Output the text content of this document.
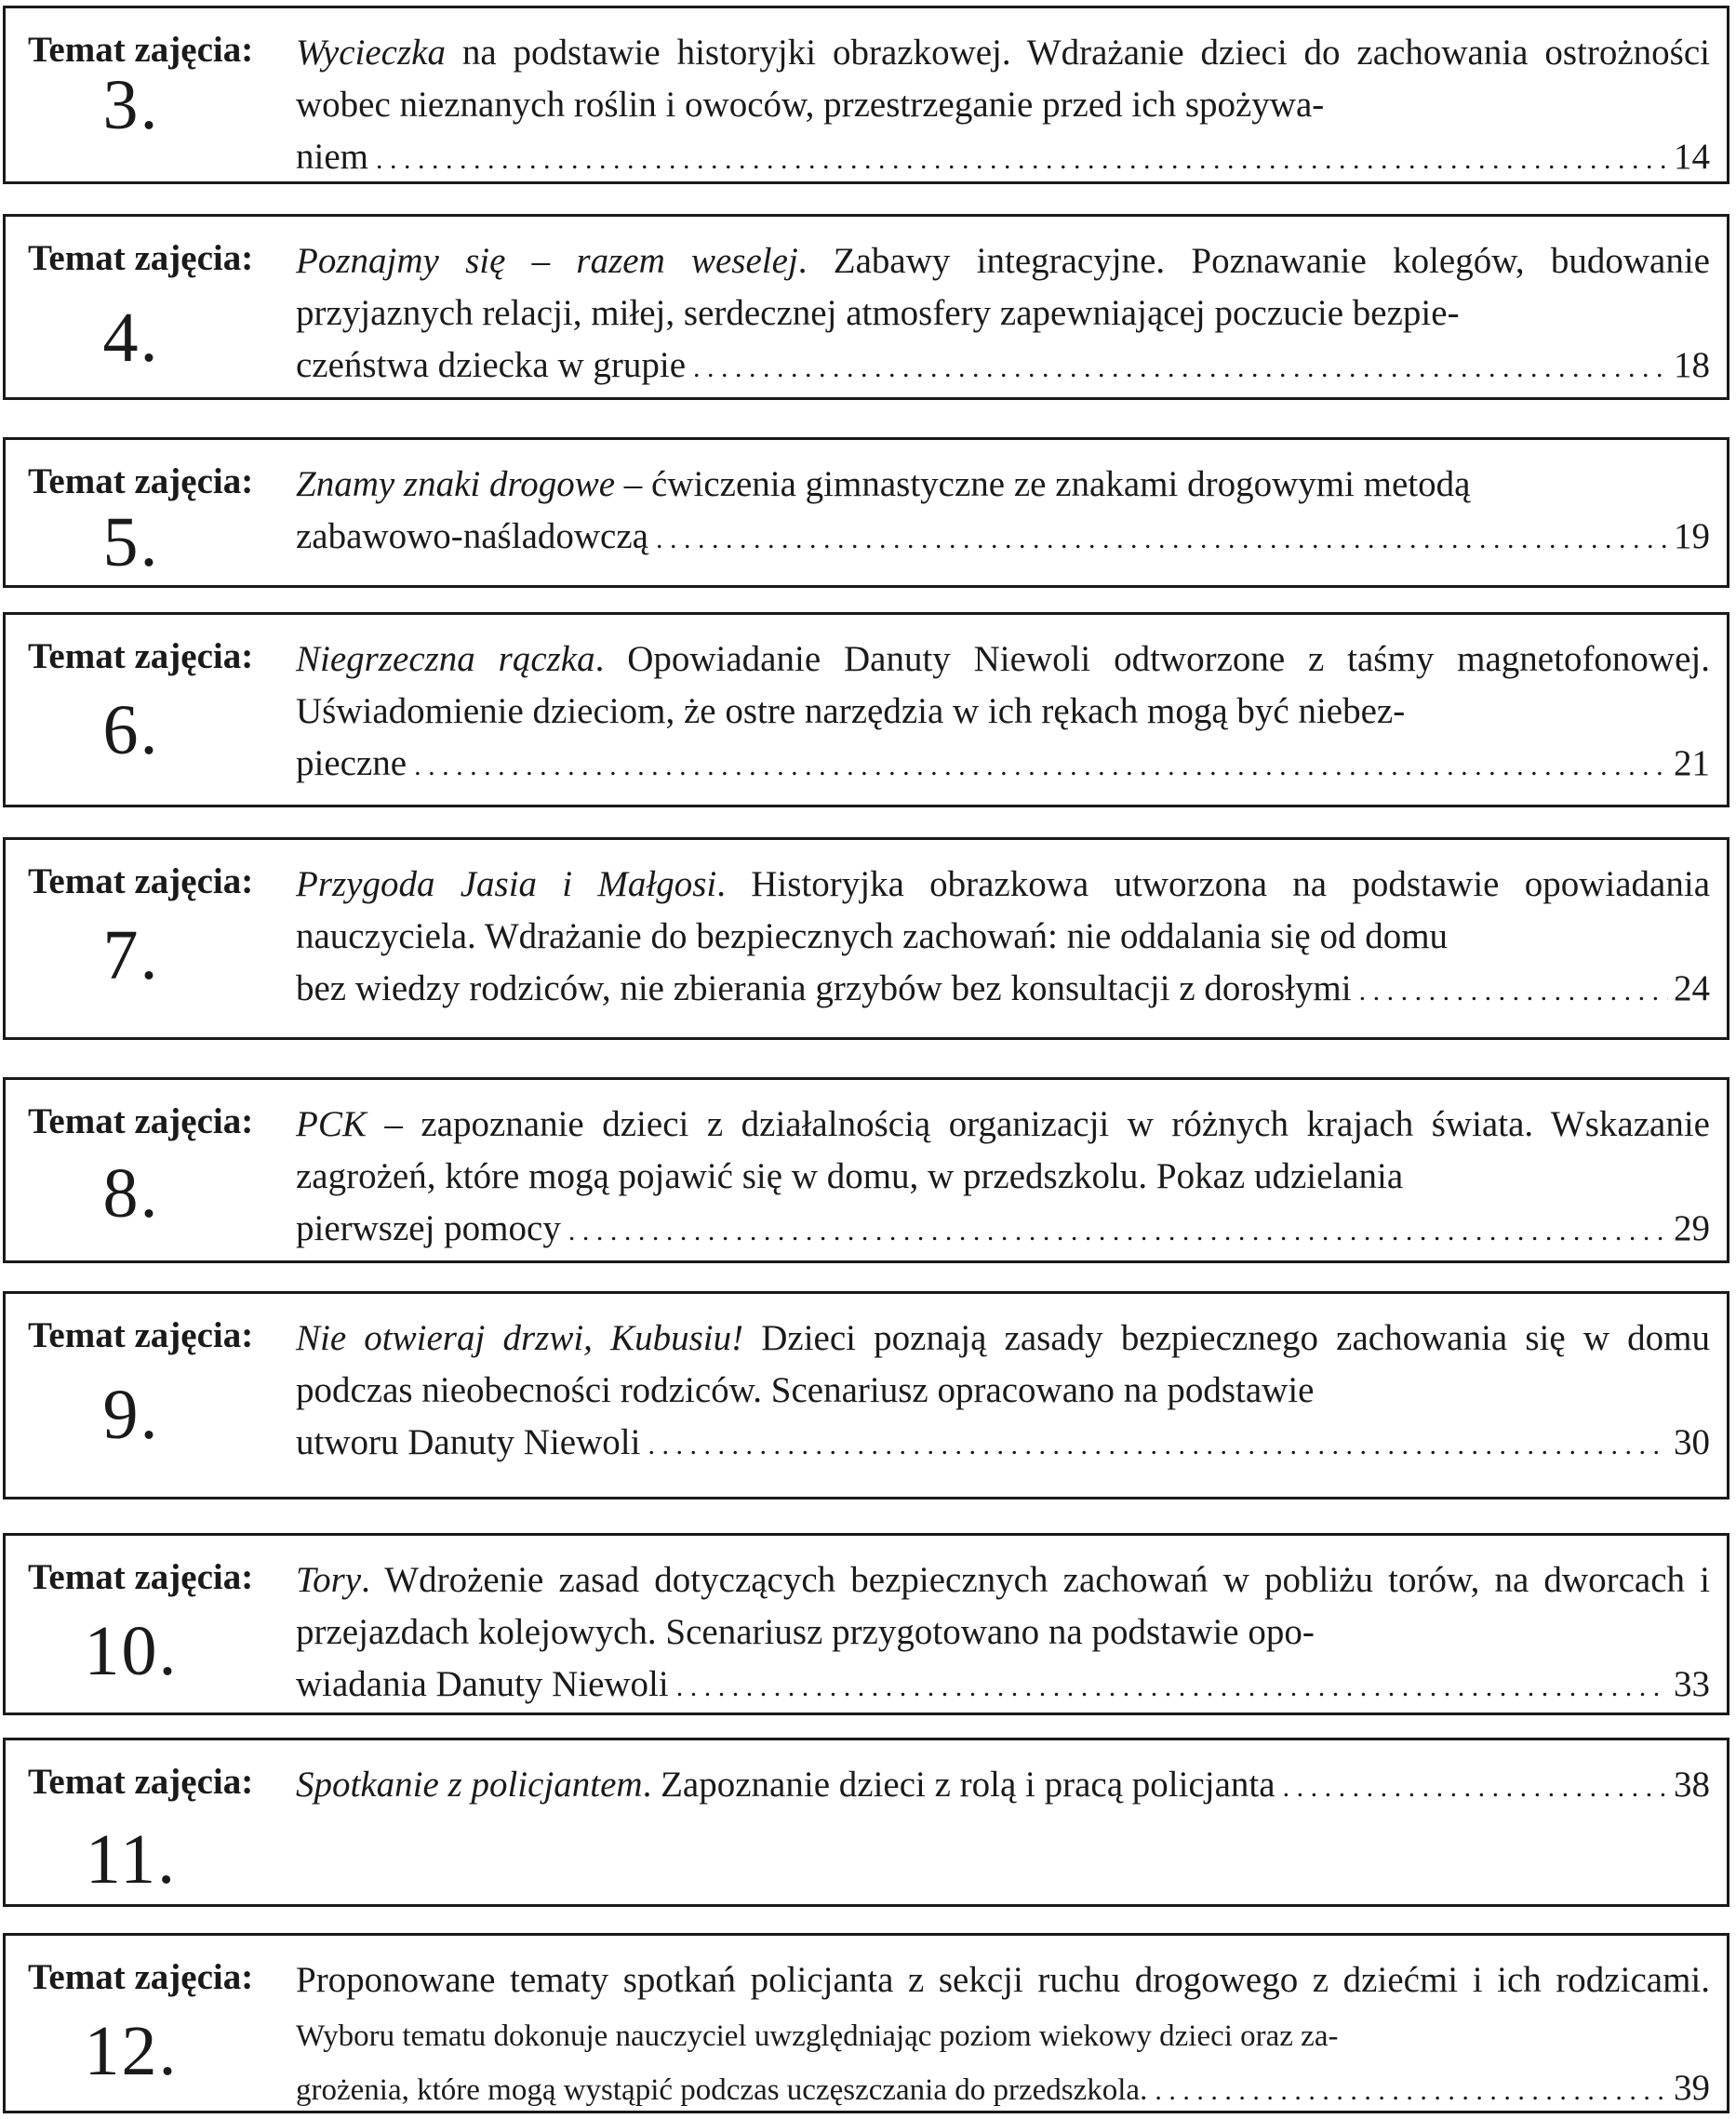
Temat zajęcia:
3.
Wycieczka na podstawie historyjki obrazkowej. Wdrażanie dzieci do zachowania ostrożności wobec nieznanych roślin i owoców, przestrzeganie przed ich spożywa-
niem . . .	14
Temat zajęcia:
4.
Poznajmy się – razem weselej. Zabawy integracyjne. Poznawanie kolegów, budowanie przyjaznych relacji, miłej, serdecznej atmosfery zapewniającej poczucie bezpie-
czeństwa dziecka w grupie . . .	18
Temat zajęcia:
5.
Znamy znaki drogowe – ćwiczenia gimnastyczne ze znakami drogowymi metodą
zabawowo-naśladowczą . . .	19
Temat zajęcia:
6.
Niegrzeczna rączka. Opowiadanie Danuty Niewoli odtworzone z taśmy magnetofonowej. Uświadomienie dzieciom, że ostre narzędzia w ich rękach mogą być niebez-
pieczne . . .	21
Temat zajęcia:
7.
Przygoda Jasia i Małgosi. Historyjka obrazkowa utworzona na podstawie opowiadania nauczyciela. Wdrażanie do bezpiecznych zachowań: nie oddalania się od domu
bez wiedzy rodziców, nie zbierania grzybów bez konsultacji z dorosłymi . . .	24
Temat zajęcia:
8.
PCK – zapoznanie dzieci z działalnością organizacji w różnych krajach świata. Wskazanie zagrożeń, które mogą pojawić się w domu, w przedszkolu. Pokaz udzielania
pierwszej pomocy . . .	29
Temat zajęcia:
9.
Nie otwieraj drzwi, Kubusiu! Dzieci poznają zasady bezpiecznego zachowania się w domu podczas nieobecności rodziców. Scenariusz opracowano na podstawie
utworu Danuty Niewoli . . .	30
Temat zajęcia:
10.
Tory. Wdrożenie zasad dotyczących bezpiecznych zachowań w pobliżu torów, na dworcach i przejazdach kolejowych. Scenariusz przygotowano na podstawie opo-
wiadania Danuty Niewoli . . .	33
Temat zajęcia:
11.
Spotkanie z policjantem . Zapoznanie dzieci z rolą i pracą policjanta . . .	38
Temat zajęcia:
12.
Proponowane tematy spotkań policjanta z sekcji ruchu drogowego z dziećmi i ich rodzicami. Wyboru tematu dokonuje nauczyciel uwzględniając poziom wiekowy dzieci oraz za-
grożenia, które mogą wystąpić podczas uczęszczania do przedszkola. . . .	39
